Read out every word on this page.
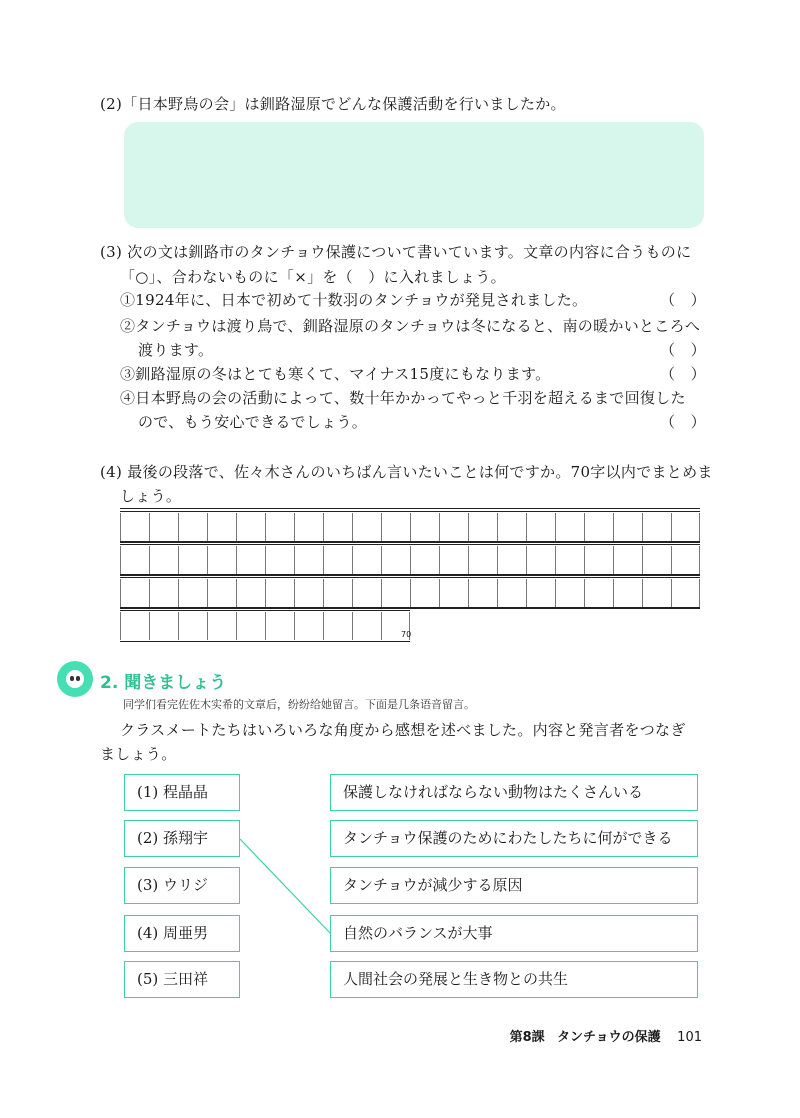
(2)「日本野鳥の会」は釧路湿原でどんな保護活動を行いましたか。
(3) 次の文は釧路市のタンチョウ保護について書いています。文章の内容に合うものに
「○」、合わないものに「×」を（　）に入れましょう。
①1924年に、日本で初めて十数羽のタンチョウが発見されました。	（　）
②タンチョウは渡り鳥で、釧路湿原のタンチョウは冬になると、南の暖かいところへ
渡ります。	（　）
③釧路湿原の冬はとても寒くて、マイナス15度にもなります。	（　）
④日本野鳥の会の活動によって、数十年かかってやっと千羽を超えるまで回復した
ので、もう安心できるでしょう。	（　）
(4) 最後の段落で、佐々木さんのいちばん言いたいことは何ですか。70字以内でまとめま
しょう。
70
2. 聞きましょう
同学们看完佐佐木实希的文章后，纷纷给她留言。下面是几条语音留言。
クラスメートたちはいろいろな角度から感想を述べました。内容と発言者をつなぎ
ましょう。
(1) 程晶晶
(2) 孫翔宇
(3) ウリジ
(4) 周亜男
(5) 三田祥
保護しなければならない動物はたくさんいる
タンチョウ保護のためにわたしたちに何ができる
タンチョウが減少する原因
自然のバランスが大事
人間社会の発展と生き物との共生
第8課 タンチョウの保護 101
